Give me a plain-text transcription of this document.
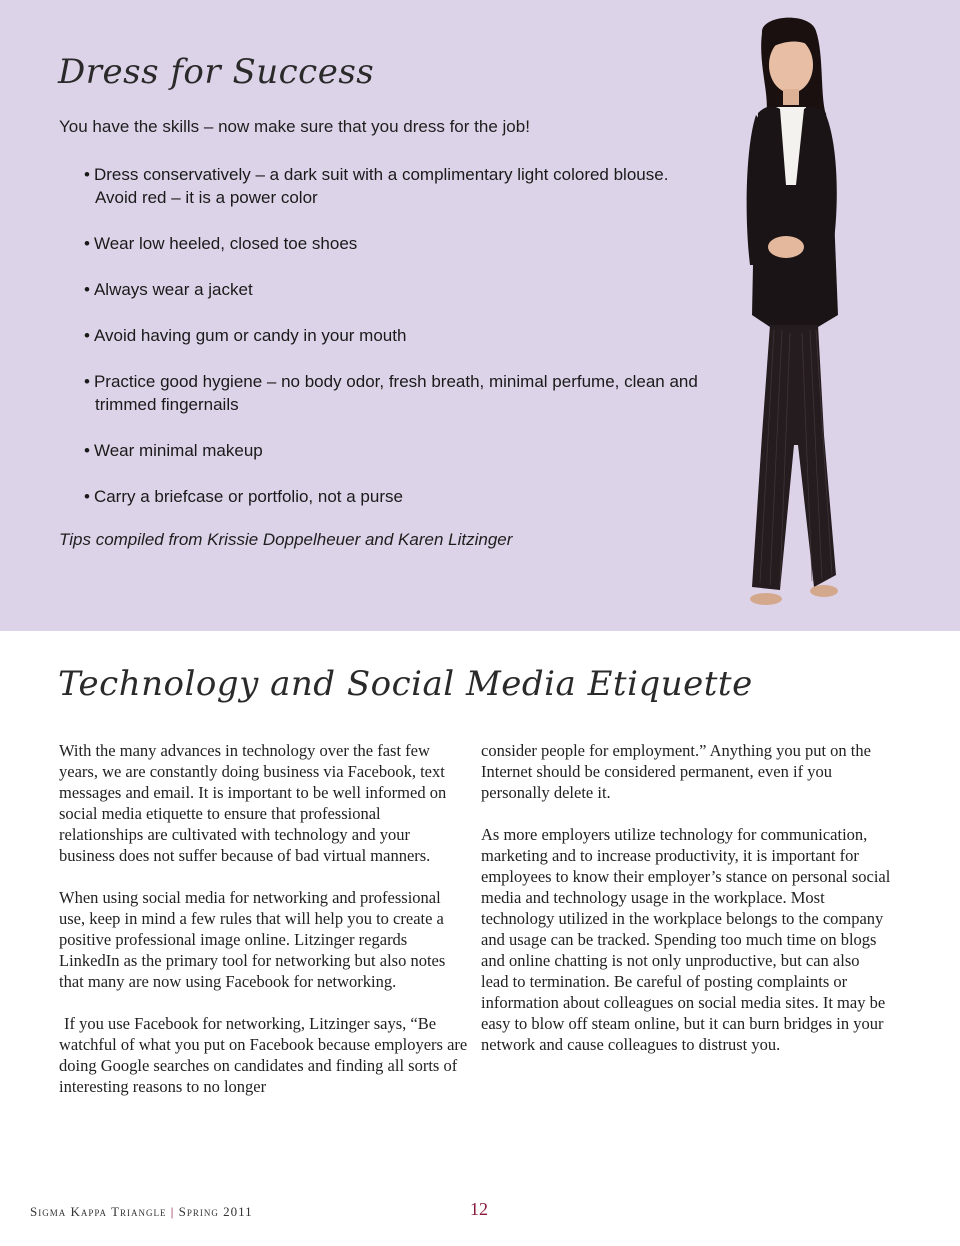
Dress for Success
You have the skills – now make sure that you dress for the job!
• Dress conservatively – a dark suit with a complimentary light colored blouse. Avoid red – it is a power color
• Wear low heeled, closed toe shoes
• Always wear a jacket
• Avoid having gum or candy in your mouth
• Practice good hygiene – no body odor, fresh breath, minimal perfume, clean and trimmed fingernails
• Wear minimal makeup
• Carry a briefcase or portfolio, not a purse
Tips compiled from Krissie Doppelheuer and Karen Litzinger
Technology and Social Media Etiquette

With the many advances in technology over the fast few years, we are constantly doing business via Facebook, text messages and email. It is important to be well informed on social media etiquette to ensure that professional relationships are cultivated with technology and your business does not suffer because of bad virtual manners.

When using social media for networking and professional use, keep in mind a few rules that will help you to create a positive professional image online. Litzinger regards LinkedIn as the primary tool for networking but also notes that many are now using Facebook for networking.

If you use Facebook for networking, Litzinger says, “Be watchful of what you put on Facebook because employers are doing Google searches on candidates and finding all sorts of interesting reasons to no longer

consider people for employment.” Anything you put on the Internet should be considered permanent, even if you personally delete it.

As more employers utilize technology for communication, marketing and to increase productivity, it is important for employees to know their employer’s stance on personal social media and technology usage in the workplace. Most technology utilized in the workplace belongs to the company and usage can be tracked. Spending too much time on blogs and online chatting is not only unproductive, but can also lead to termination. Be careful of posting complaints or information about colleagues on social media sites. It may be easy to blow off steam online, but it can burn bridges in your network and cause colleagues to distrust you.

Sigma Kappa Triangle | Spring 2011	12
